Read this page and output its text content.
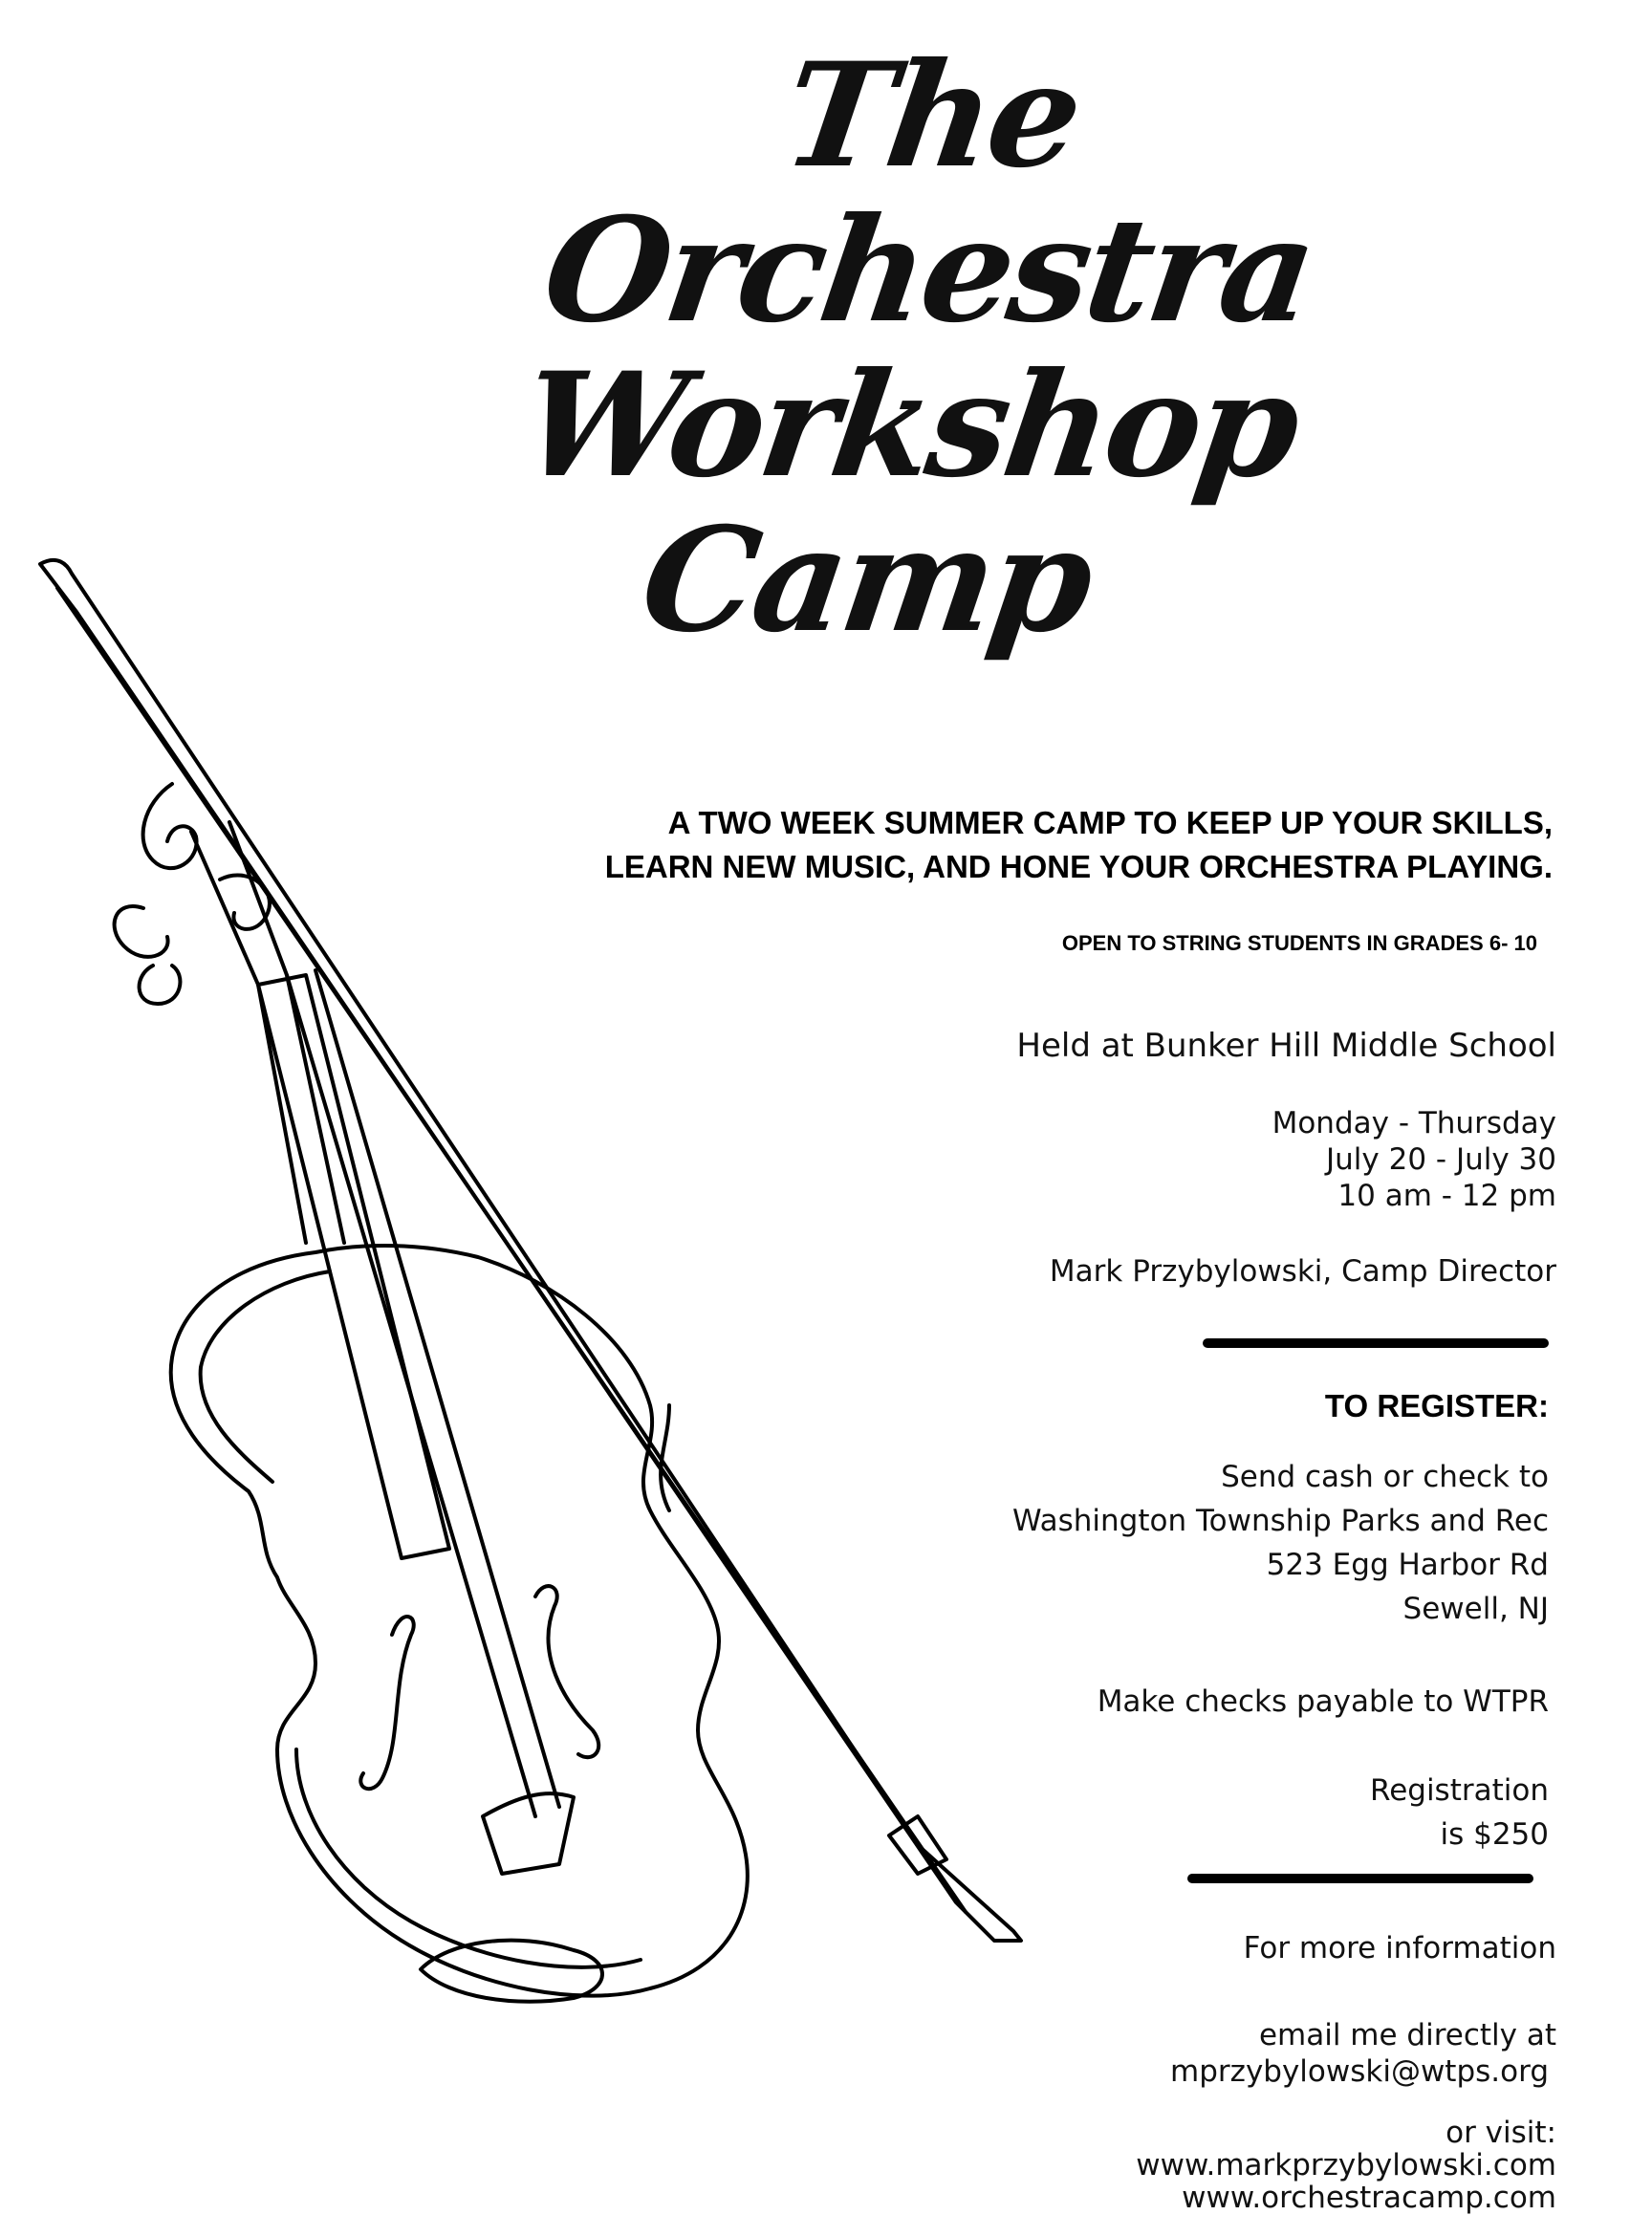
The
Orchestra
Workshop
Camp
A TWO WEEK SUMMER CAMP TO KEEP UP YOUR SKILLS,
LEARN NEW MUSIC, AND HONE YOUR ORCHESTRA PLAYING.
OPEN TO STRING STUDENTS IN GRADES 6- 10
Held at Bunker Hill Middle School
Monday - Thursday
July 20 - July 30
10 am - 12 pm
Mark Przybylowski, Camp Director
TO REGISTER:
Send cash or check to
Washington Township Parks and Rec
523 Egg Harbor Rd
Sewell, NJ
Make checks payable to WTPR
Registration
is $250
For more information
email me directly at
mprzybylowski@wtps.org
or visit:
www.markprzybylowski.com
www.orchestracamp.com
